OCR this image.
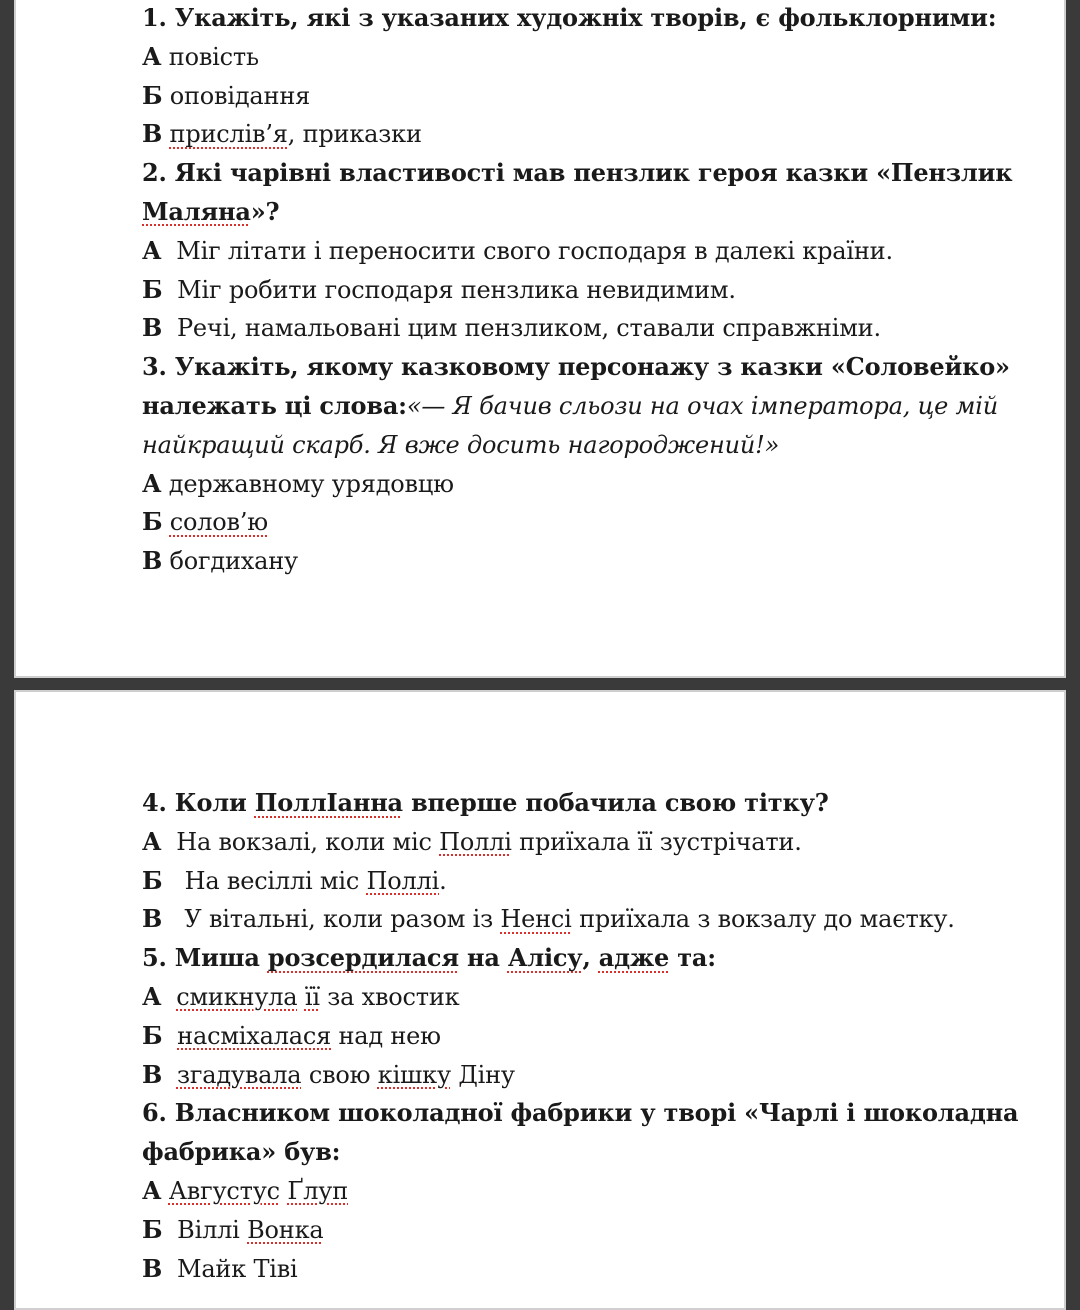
1. Укажіть, які з указаних художніх творів, є фольклорними:
А повість
Б оповідання
В прислів’я, приказки
2. Які чарівні властивості мав пензлик героя казки «Пензлик
Маляна»?
А Міг літати і переносити свого господаря в далекі країни.
Б Міг робити господаря пензлика невидимим.
В Речі, намальовані цим пензликом, ставали справжніми.
3. Укажіть, якому казковому персонажу з казки «Соловейко»
належать ці слова:«— Я бачив сльози на очах імператора, це мій
найкращий скарб. Я вже досить нагороджений!»
А державному урядовцю
Б солов’ю
В богдихану
4. Коли ПоллІанна вперше побачила свою тітку?
А На вокзалі, коли міс Поллі приїхала її зустрічати.
Б На весіллі міс Поллі.
В У вітальні, коли разом із Ненсі приїхала з вокзалу до маєтку.
5. Миша розсердилася на Алісу, адже та:
А смикнула її за хвостик
Б насміхалася над нею
В згадувала свою кішку Діну
6. Власником шоколадної фабрики у творі «Чарлі і шоколадна
фабрика» був:
А Августус Ґлуп
Б Віллі Вонка
В Майк Тіві
